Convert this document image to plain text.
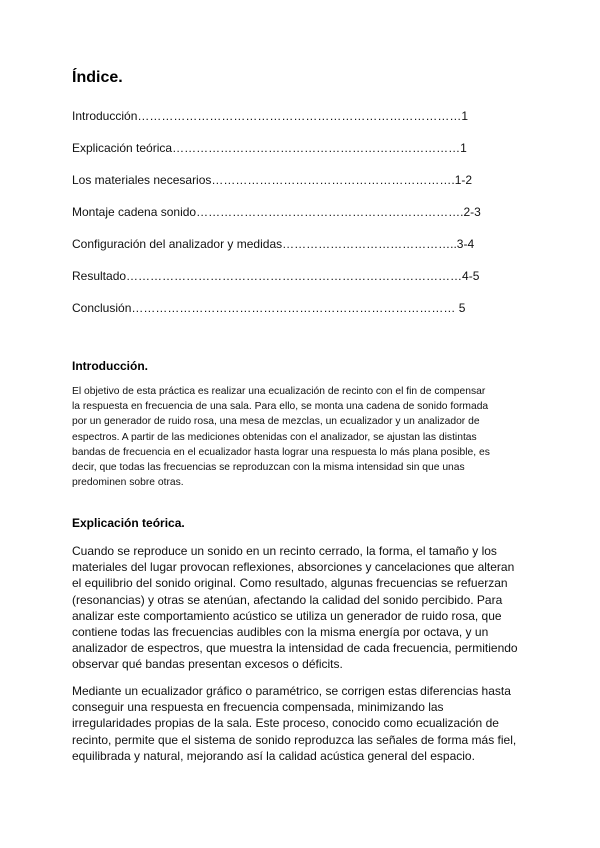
Índice.
Introducción………………………………………………………………………1
Explicación teórica………………………………………………………………1
Los materiales necesarios…………………………………………………….1-2
Montaje cadena sonido………………………………………………………….2-3
Configuración del analizador y medidas……………………………………..3-4
Resultado…………………………………………………………………………4-5
Conclusión……………………………………………………………………… 5
Introducción.
El objetivo de esta práctica es realizar una ecualización de recinto con el fin de compensar
la respuesta en frecuencia de una sala. Para ello, se monta una cadena de sonido formada
por un generador de ruido rosa, una mesa de mezclas, un ecualizador y un analizador de
espectros. A partir de las mediciones obtenidas con el analizador, se ajustan las distintas
bandas de frecuencia en el ecualizador hasta lograr una respuesta lo más plana posible, es
decir, que todas las frecuencias se reproduzcan con la misma intensidad sin que unas
predominen sobre otras.
Explicación teórica.
Cuando se reproduce un sonido en un recinto cerrado, la forma, el tamaño y los
materiales del lugar provocan reflexiones, absorciones y cancelaciones que alteran
el equilibrio del sonido original. Como resultado, algunas frecuencias se refuerzan
(resonancias) y otras se atenúan, afectando la calidad del sonido percibido. Para
analizar este comportamiento acústico se utiliza un generador de ruido rosa, que
contiene todas las frecuencias audibles con la misma energía por octava, y un
analizador de espectros, que muestra la intensidad de cada frecuencia, permitiendo
observar qué bandas presentan excesos o déficits.
Mediante un ecualizador gráfico o paramétrico, se corrigen estas diferencias hasta
conseguir una respuesta en frecuencia compensada, minimizando las
irregularidades propias de la sala. Este proceso, conocido como ecualización de
recinto, permite que el sistema de sonido reproduzca las señales de forma más fiel,
equilibrada y natural, mejorando así la calidad acústica general del espacio.
